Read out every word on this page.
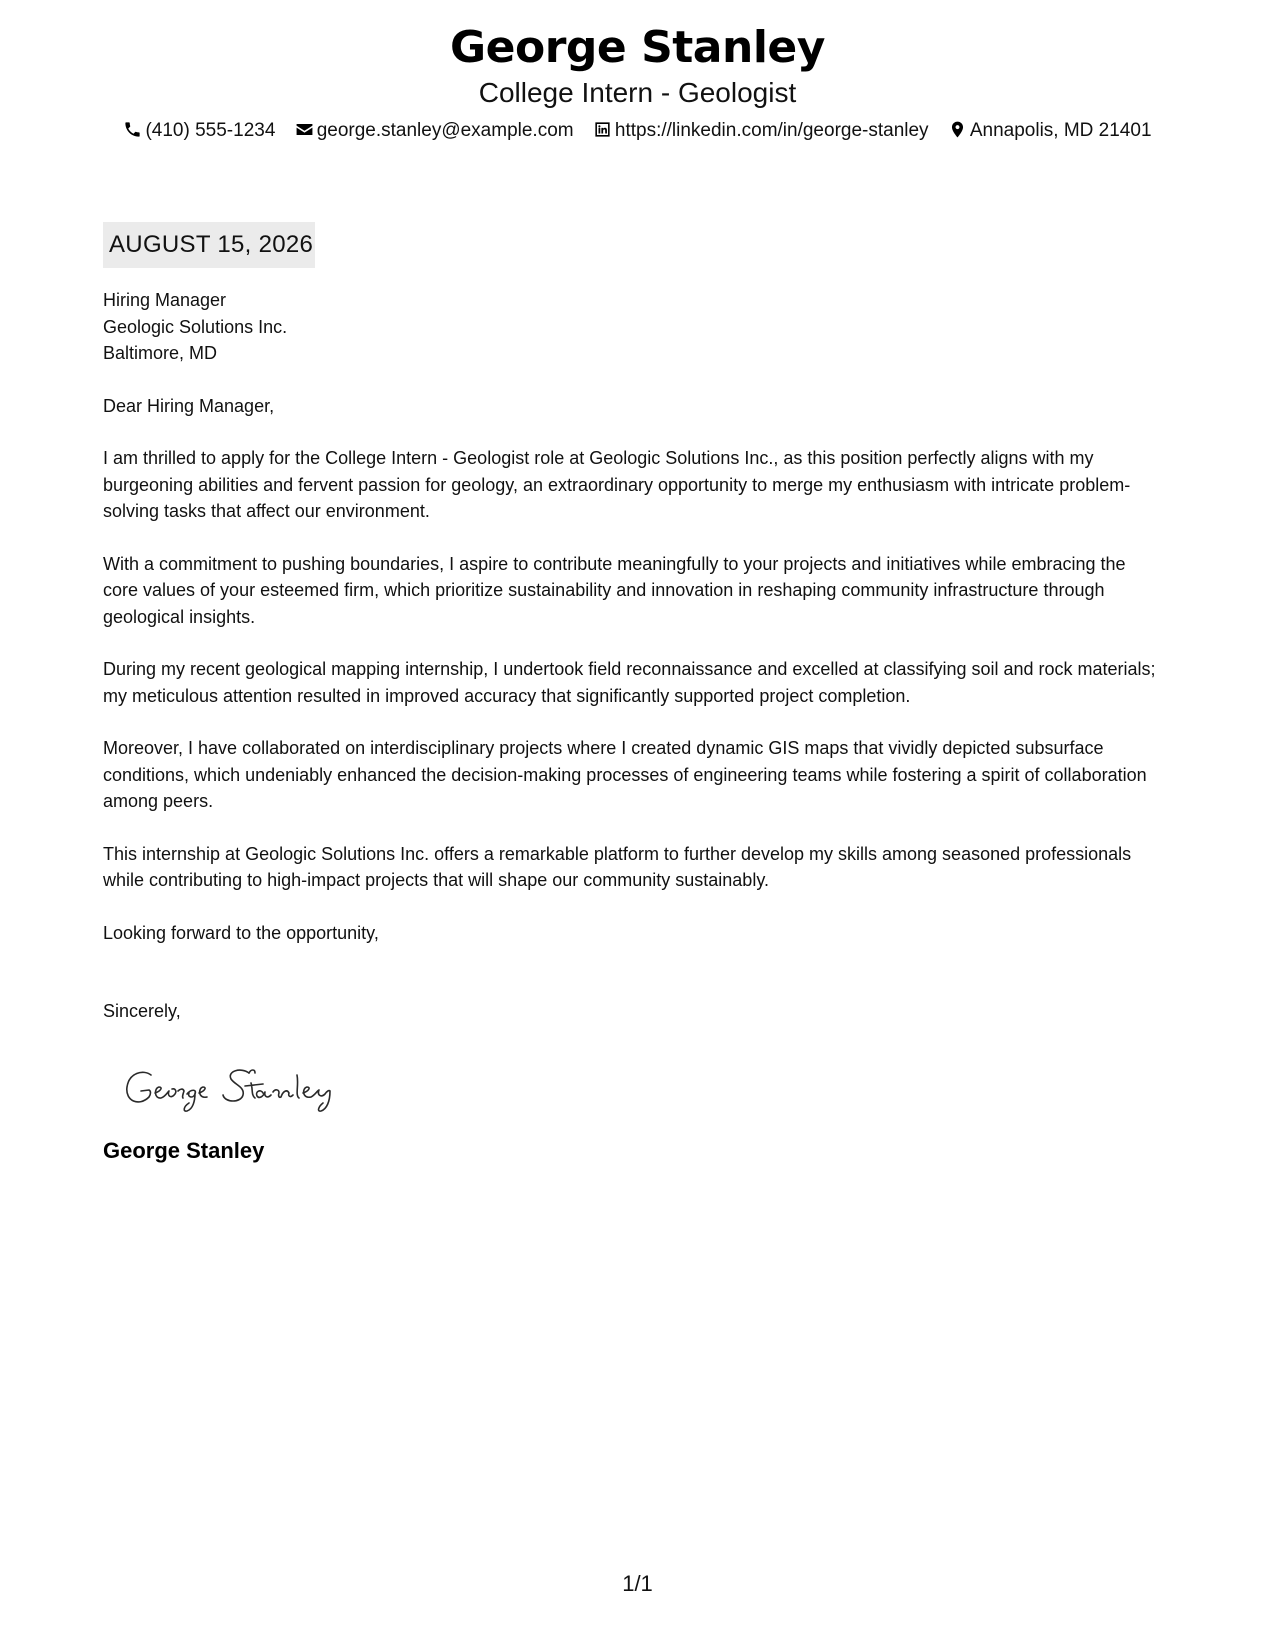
George Stanley
College Intern - Geologist
(410) 555-1234 george.stanley@example.com https://linkedin.com/in/george-stanley Annapolis, MD 21401
AUGUST 15, 2026
Hiring Manager
Geologic Solutions Inc.
Baltimore, MD

Dear Hiring Manager,

I am thrilled to apply for the College Intern - Geologist role at Geologic Solutions Inc., as this position perfectly aligns with my burgeoning abilities and fervent passion for geology, an extraordinary opportunity to merge my enthusiasm with intricate problem-solving tasks that affect our environment.

With a commitment to pushing boundaries, I aspire to contribute meaningfully to your projects and initiatives while embracing the core values of your esteemed firm, which prioritize sustainability and innovation in reshaping community infrastructure through geological insights.

During my recent geological mapping internship, I undertook field reconnaissance and excelled at classifying soil and rock materials; my meticulous attention resulted in improved accuracy that significantly supported project completion.

Moreover, I have collaborated on interdisciplinary projects where I created dynamic GIS maps that vividly depicted subsurface conditions, which undeniably enhanced the decision-making processes of engineering teams while fostering a spirit of collaboration among peers.

This internship at Geologic Solutions Inc. offers a remarkable platform to further develop my skills among seasoned professionals while contributing to high-impact projects that will shape our community sustainably.

Looking forward to the opportunity,

Sincerely,
George Stanley
1/1
